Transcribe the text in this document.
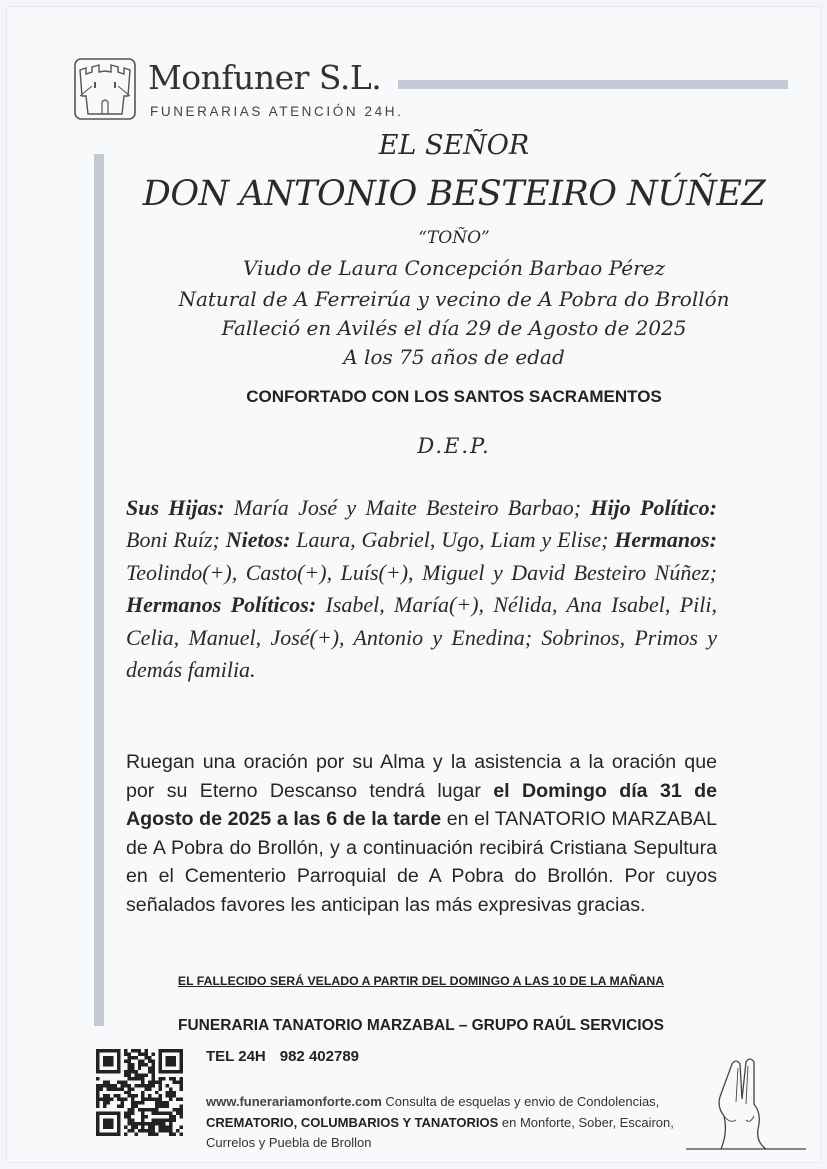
Monfuner S.L.
FUNERARIAS ATENCIÓN 24H.
EL SEÑOR
DON ANTONIO BESTEIRO NÚÑEZ
“TOÑO”
Viudo de Laura Concepción Barbao Pérez
Natural de A Ferreirúa y vecino de A Pobra do Brollón
Falleció en Avilés el día 29 de Agosto de 2025
A los 75 años de edad
CONFORTADO CON LOS SANTOS SACRAMENTOS
D.E.P.
Sus Hijas: María José y Maite Besteiro Barbao; Hijo Político: Boni Ruíz; Nietos: Laura, Gabriel, Ugo, Liam y Elise; Hermanos: Teolindo(+), Casto(+), Luís(+), Miguel y David Besteiro Núñez; Hermanos Políticos: Isabel, María(+), Nélida, Ana Isabel, Pili, Celia, Manuel, José(+), Antonio y Enedina; Sobrinos, Primos y demás familia.
Ruegan una oración por su Alma y la asistencia a la oración que por su Eterno Descanso tendrá lugar el Domingo día 31 de Agosto de 2025 a las 6 de la tarde en el TANATORIO MARZABAL de A Pobra do Brollón, y a continuación recibirá Cristiana Sepultura en el Cementerio Parroquial de A Pobra do Brollón. Por cuyos señalados favores les anticipan las más expresivas gracias.
EL FALLECIDO SERÁ VELADO A PARTIR DEL DOMINGO A LAS 10 DE LA MAÑANA
FUNERARIA TANATORIO MARZABAL – GRUPO RAÚL SERVICIOS
TEL 24H 982 402789
www.funerariamonforte.com Consulta de esquelas y envio de Condolencias, CREMATORIO, COLUMBARIOS Y TANATORIOS en Monforte, Sober, Escairon, Currelos y Puebla de Brollon
